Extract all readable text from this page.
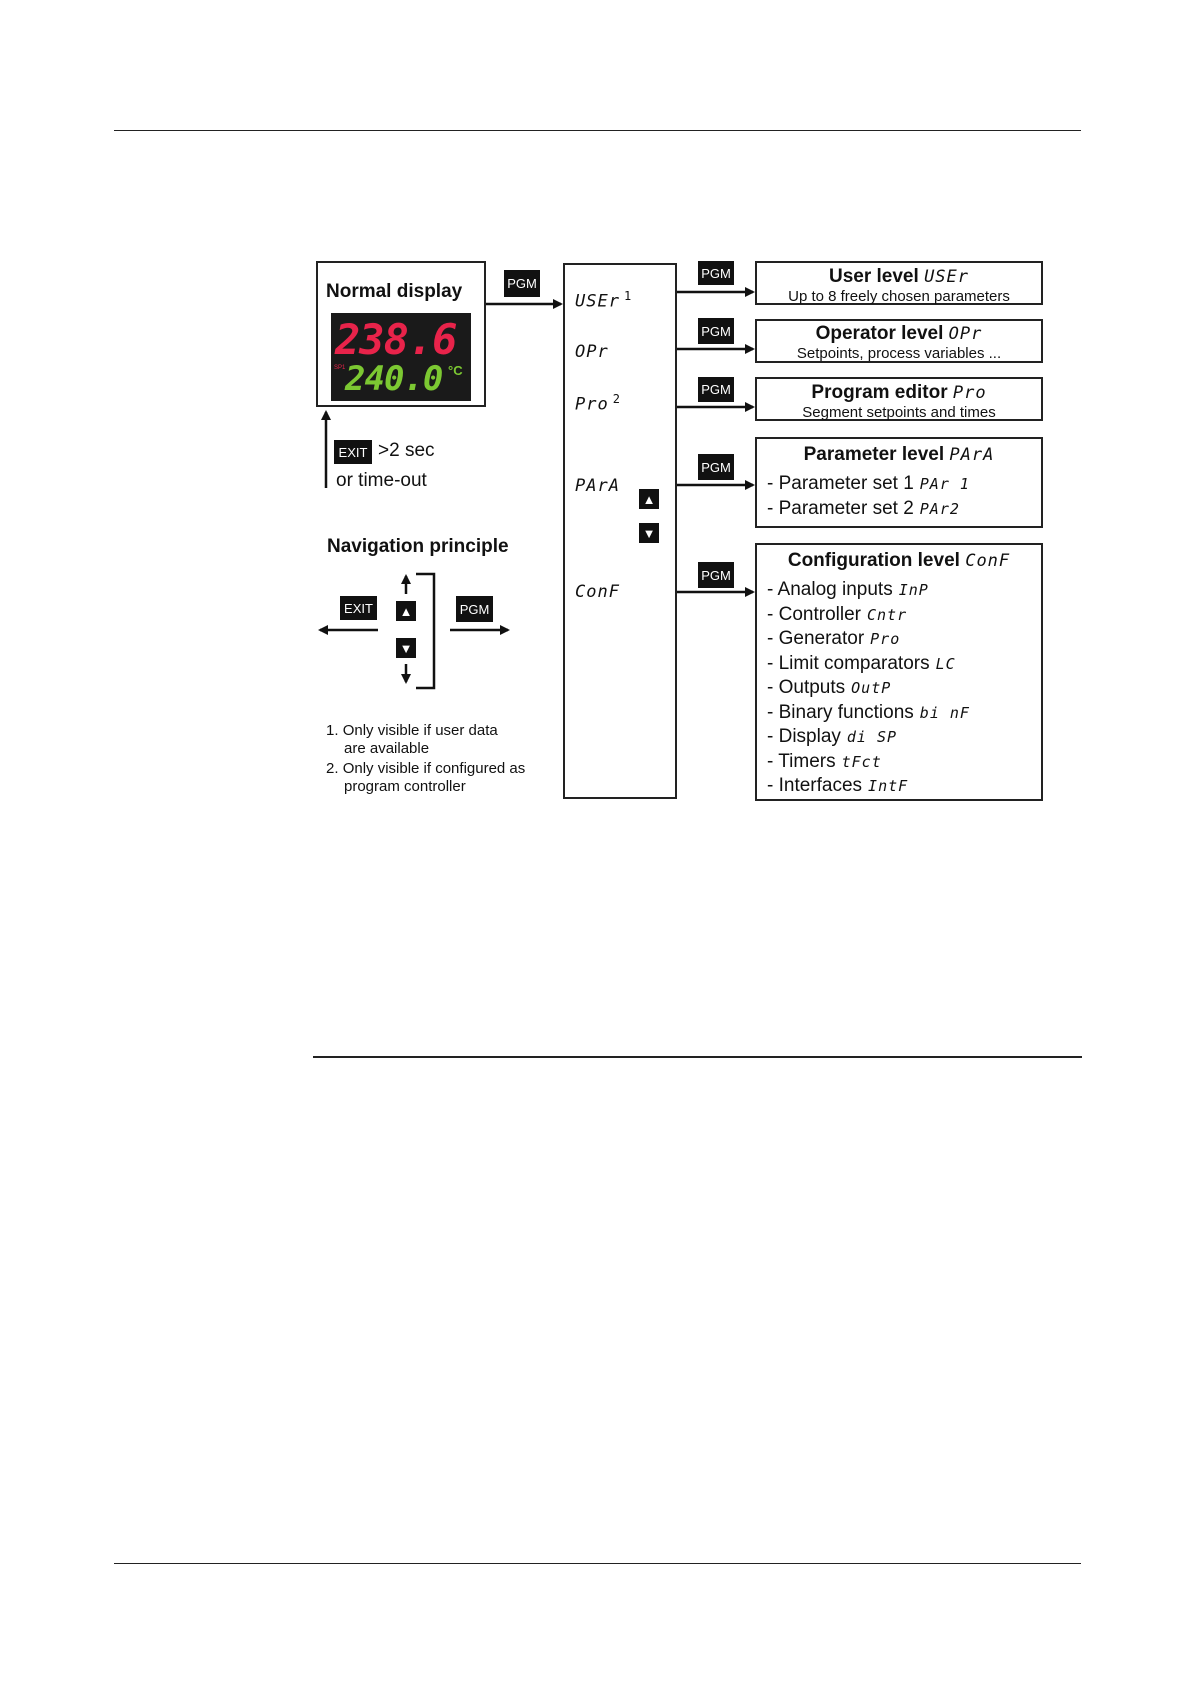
Normal display
238.6
SP1 240.0 °C
PGM
EXIT >2 sec
or time-out
Navigation principle
EXIT	PGM
▲
▼
1. Only visible if user data
are available
2. Only visible if configured as
program controller
USEr $^1$
OPr
Pro $^2$
PArA
ConF
▲
▼
PGM
PGM
PGM
PGM
PGM
User level USEr
Up to 8 freely chosen parameters
Operator level OPr
Setpoints, process variables ...
Program editor Pro
Segment setpoints and times
Parameter level PArA
- Parameter set 1 PAr 1
- Parameter set 2 PAr2
Configuration level ConF
- Analog inputs InP
- Controller Cntr
- Generator Pro
- Limit comparators LC
- Outputs OutP
- Binary functions bi nF
- Display di SP
- Timers tFct
- Interfaces IntF
